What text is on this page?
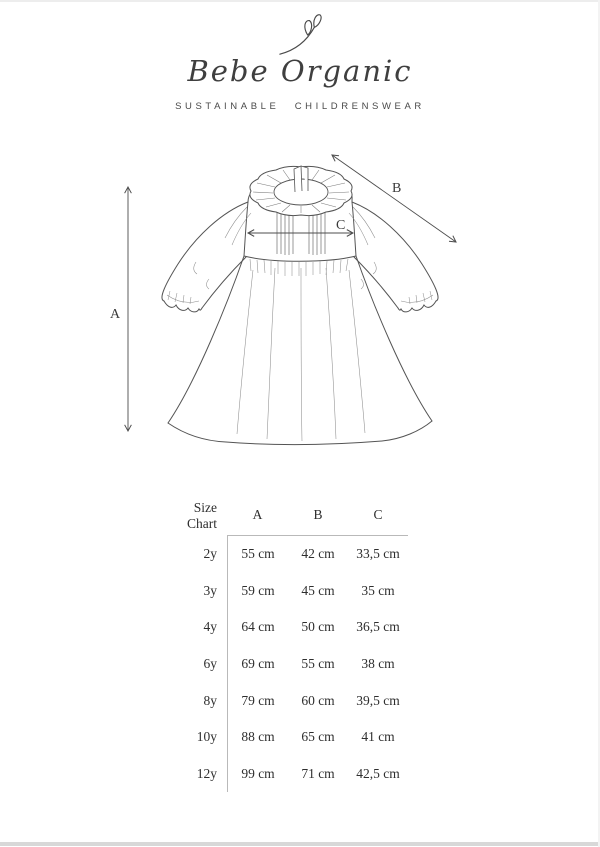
Bebe Organic
SUSTAINABLE CHILDRENSWEAR
A
B
C
Size
Chart
A	B	C
2y	55 cm	42 cm	33,5 cm
3y	59 cm	45 cm	35 cm
4y	64 cm	50 cm	36,5 cm
6y	69 cm	55 cm	38 cm
8y	79 cm	60 cm	39,5 cm
10y	88 cm	65 cm	41 cm
12y	99 cm	71 cm	42,5 cm
